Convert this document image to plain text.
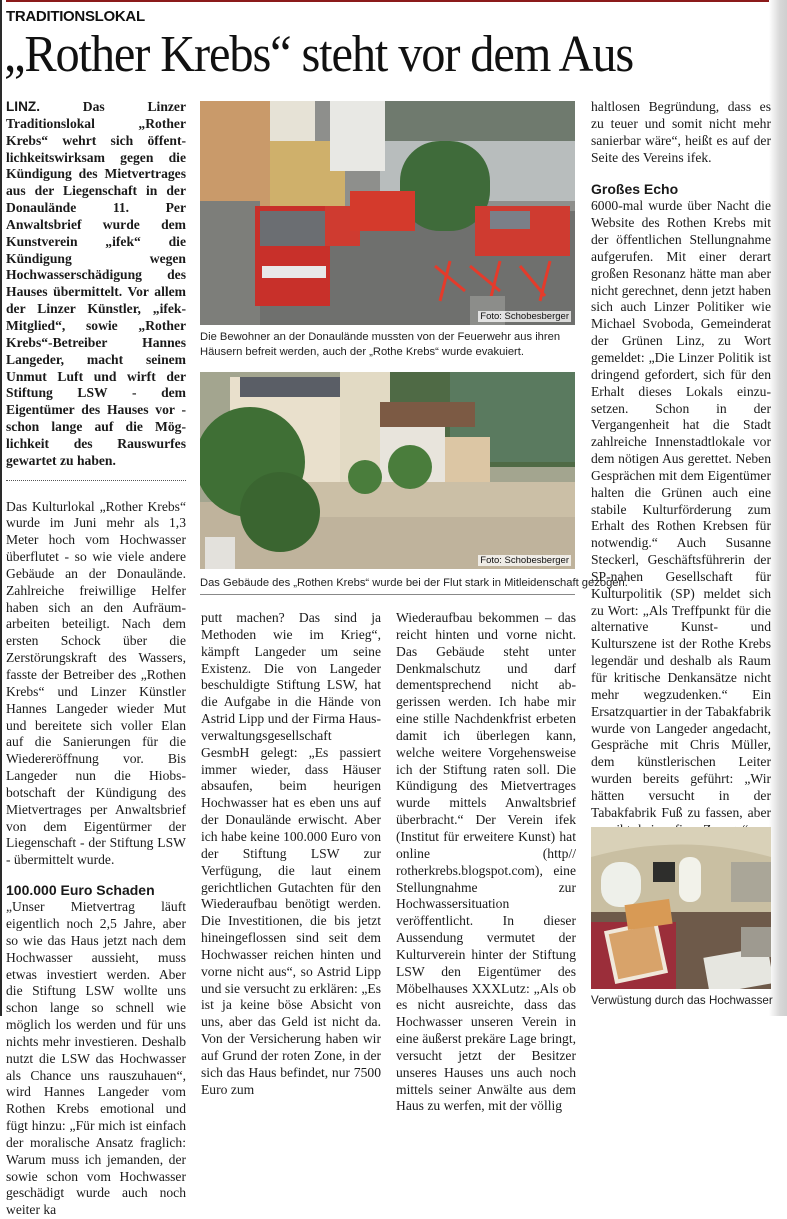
TRADITIONSLOKAL
„Rother Krebs“ steht vor dem Aus

LINZ. Das Linzer Traditionslokal „Rother Krebs“ wehrt sich öffentlichkeitswirksam gegen die Kündigung des Mietvertrages aus der Liegenschaft in der Donaulände 11. Per Anwaltsbrief wurde dem Kunstverein „ifek“ die Kündigung wegen Hochwasserschädigung des Hauses übermittelt. Vor allem der Linzer Künstler, „ifek-Mitglied“, sowie „Rother Krebs“-Betreiber Hannes Langeder, macht seinem Unmut Luft und wirft der Stiftung LSW - dem Eigentümer des Hauses vor - schon lange auf die Möglichkeit des Rauswurfes gewartet zu haben.

Das Kulturlokal „Rother Krebs“ wurde im Juni mehr als 1,3 Meter hoch vom Hochwasser überflutet - so wie viele andere Gebäude an der Donaulände. Zahlreiche freiwillige Helfer haben sich an den Aufräumarbeiten beteiligt. Nach dem ersten Schock über die Zerstörungskraft des Wassers, fasste der Betreiber des „Rothen Krebs“ und Linzer Künstler Hannes Langeder wieder Mut und bereitete sich voller Elan auf die Sanierungen für die Wiedereröffnung vor. Bis Langeder nun die Hiobsbotschaft der Kündigung des Mietvertrages per Anwaltsbrief von dem Eigentürmer der Liegenschaft - der Stiftung LSW - übermittelt wurde.

100.000 Euro Schaden

„Unser Mietvertrag läuft eigentlich noch 2,5 Jahre, aber so wie das Haus jetzt nach dem Hochwasser aussieht, muss etwas investiert werden. Aber die Stiftung LSW wollte uns schon lange so schnell wie möglich los werden und für uns nichts mehr investieren. Deshalb nutzt die LSW das Hochwasser als Chance uns rauszuhauen“, wird Hannes Langeder vom Rothen Krebs emotional und fügt hinzu: „Für mich ist einfach der moralische Ansatz fraglich: Warum muss ich jemanden, der sowie schon vom Hochwasser geschädigt wurde auch noch weiter ka

Foto: Schobesberger
Die Bewohner an der Donaulände mussten von der Feuerwehr aus ihren Häusern befreit werden, auch der „Rothe Krebs“ wurde evakuiert.
Foto: Schobesberger
Das Gebäude des „Rothen Krebs“ wurde bei der Flut stark in Mitleidenschaft gezogen.

putt machen? Das sind ja Methoden wie im Krieg“, kämpft Langeder um seine Existenz. Die von Langeder beschuldigte Stiftung LSW, hat die Aufgabe in die Hände von Astrid Lipp und der Firma Hausverwaltungsgesellschaft GesmbH gelegt: „Es passiert immer wieder, dass Häuser absaufen, beim heurigen Hochwasser hat es eben uns auf der Donaulände erwischt. Aber ich habe keine 100.000 Euro von der Stiftung LSW zur Verfügung, die laut einem gerichtlichen Gutachten für den Wiederaufbau benötigt werden. Die Investitionen, die bis jetzt hineingeflossen sind seit dem Hochwasser reichen hinten und vorne nicht aus“, so Astrid Lipp und sie versucht zu erklären: „Es ist ja keine böse Absicht von uns, aber das Geld ist nicht da. Von der Versicherung haben wir auf Grund der roten Zone, in der sich das Haus befindet, nur 7500 Euro zum

Wiederaufbau bekommen – das reicht hinten und vorne nicht. Das Gebäude steht unter Denkmalschutz und darf dementsprechend nicht abgerissen werden. Ich habe mir eine stille Nachdenkfrist erbeten damit ich überlegen kann, welche weitere Vorgehensweise ich der Stiftung raten soll. Die Kündigung des Mietvertrages wurde mittels Anwaltsbrief überbracht.“ Der Verein ifek (Institut für erweitere Kunst) hat online (http// rotherkrebs.blogspot.com), eine Stellungnahme zur Hochwassersituation veröffentlicht. In dieser Aussendung vermutet der Kulturverein hinter der Stiftung LSW den Eigentümer des Möbelhauses XXXLutz: „Als ob es nicht ausreichte, dass das Hochwasser unseren Verein in eine äußerst prekäre Lage bringt, versucht jetzt der Besitzer unseres Hauses uns auch noch mittels seiner Anwälte aus dem Haus zu werfen, mit der völlig

haltlosen Begründung, dass es zu teuer und somit nicht mehr sanierbar wäre“, heißt es auf der Seite des Vereins ifek.

Großes Echo

6000-mal wurde über Nacht die Website des Rothen Krebs mit der öffentlichen Stellungnahme aufgerufen. Mit einer derart großen Resonanz hätte man aber nicht gerechnet, denn jetzt haben sich auch Linzer Politiker wie Michael Svoboda, Gemeinderat der Grünen Linz, zu Wort gemeldet: „Die Linzer Politik ist dringend gefordert, sich für den Erhalt dieses Lokals einzusetzen. Schon in der Vergangenheit hat die Stadt zahlreiche Innenstadtlokale vor dem nötigen Aus gerettet. Neben Gesprächen mit dem Eigentümer halten die Grünen auch eine stabile Kulturförderung zum Erhalt des Rothen Krebsen für notwendig.“ Auch Susanne Steckerl, Geschäftsführerin der SP-nahen Gesellschaft für Kulturpolitik (SP) meldet sich zu Wort: „Als Treffpunkt für die alternative Kunst- und Kulturszene ist der Rothe Krebs legendär und deshalb als Raum für kritische Denkansätze nicht mehr wegzudenken.“ Ein Ersatzquartier in der Tabakfabrik wurde von Langeder angedacht, Gespräche mit Chris Müller, dem künstlerischen Leiter wurden bereits geführt: „Wir hätten versucht in der Tabakfabrik Fuß zu fassen, aber

Verwüstung durch das Hochwasser
